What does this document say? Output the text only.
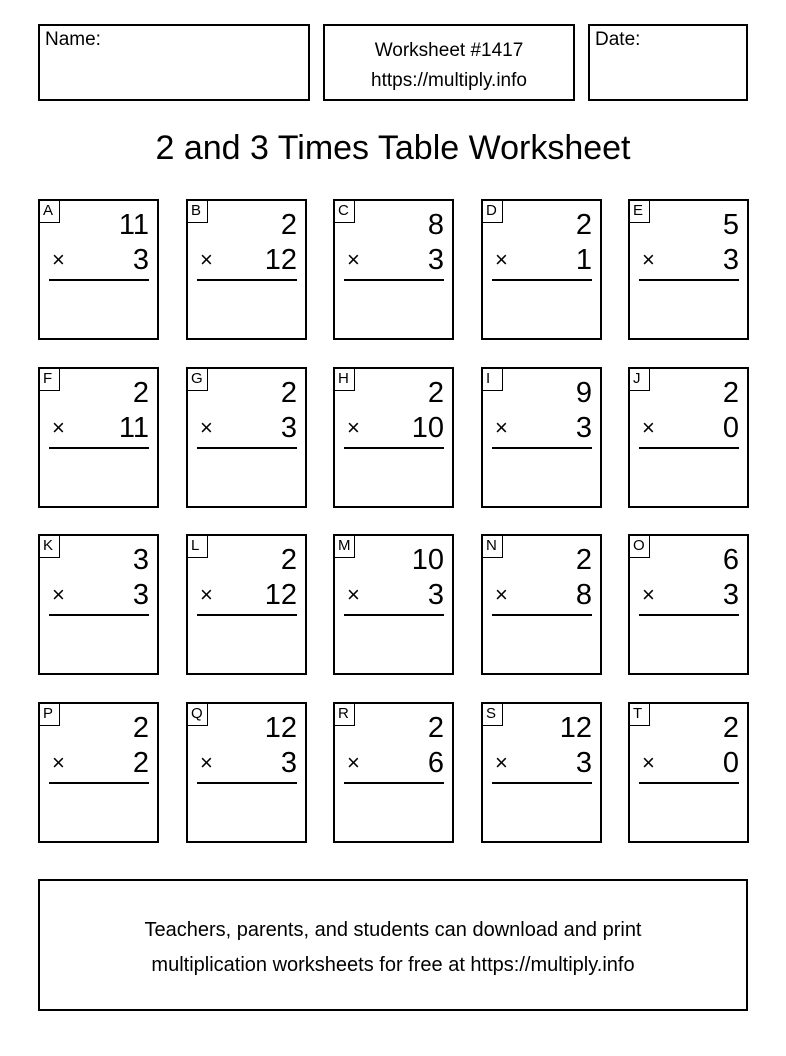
Name:
Worksheet #1417
https://multiply.info
Date:
2 and 3 Times Table Worksheet
A 11
× 3
B	2
× 12
C	8
× 3
D	2
× 1
E	5
× 3
F	2
× 11
G	2
× 3
H	2
× 10
I	9
× 3
J	2
× 0
K	3
× 3
L	2
× 12
M 10
× 3
N	2
× 8
O	6
× 3
P	2
× 2
Q 12
× 3
R	2
× 6
S 12
× 3
T	2
× 0
Teachers, parents, and students can download and print
multiplication worksheets for free at https://multiply.info
